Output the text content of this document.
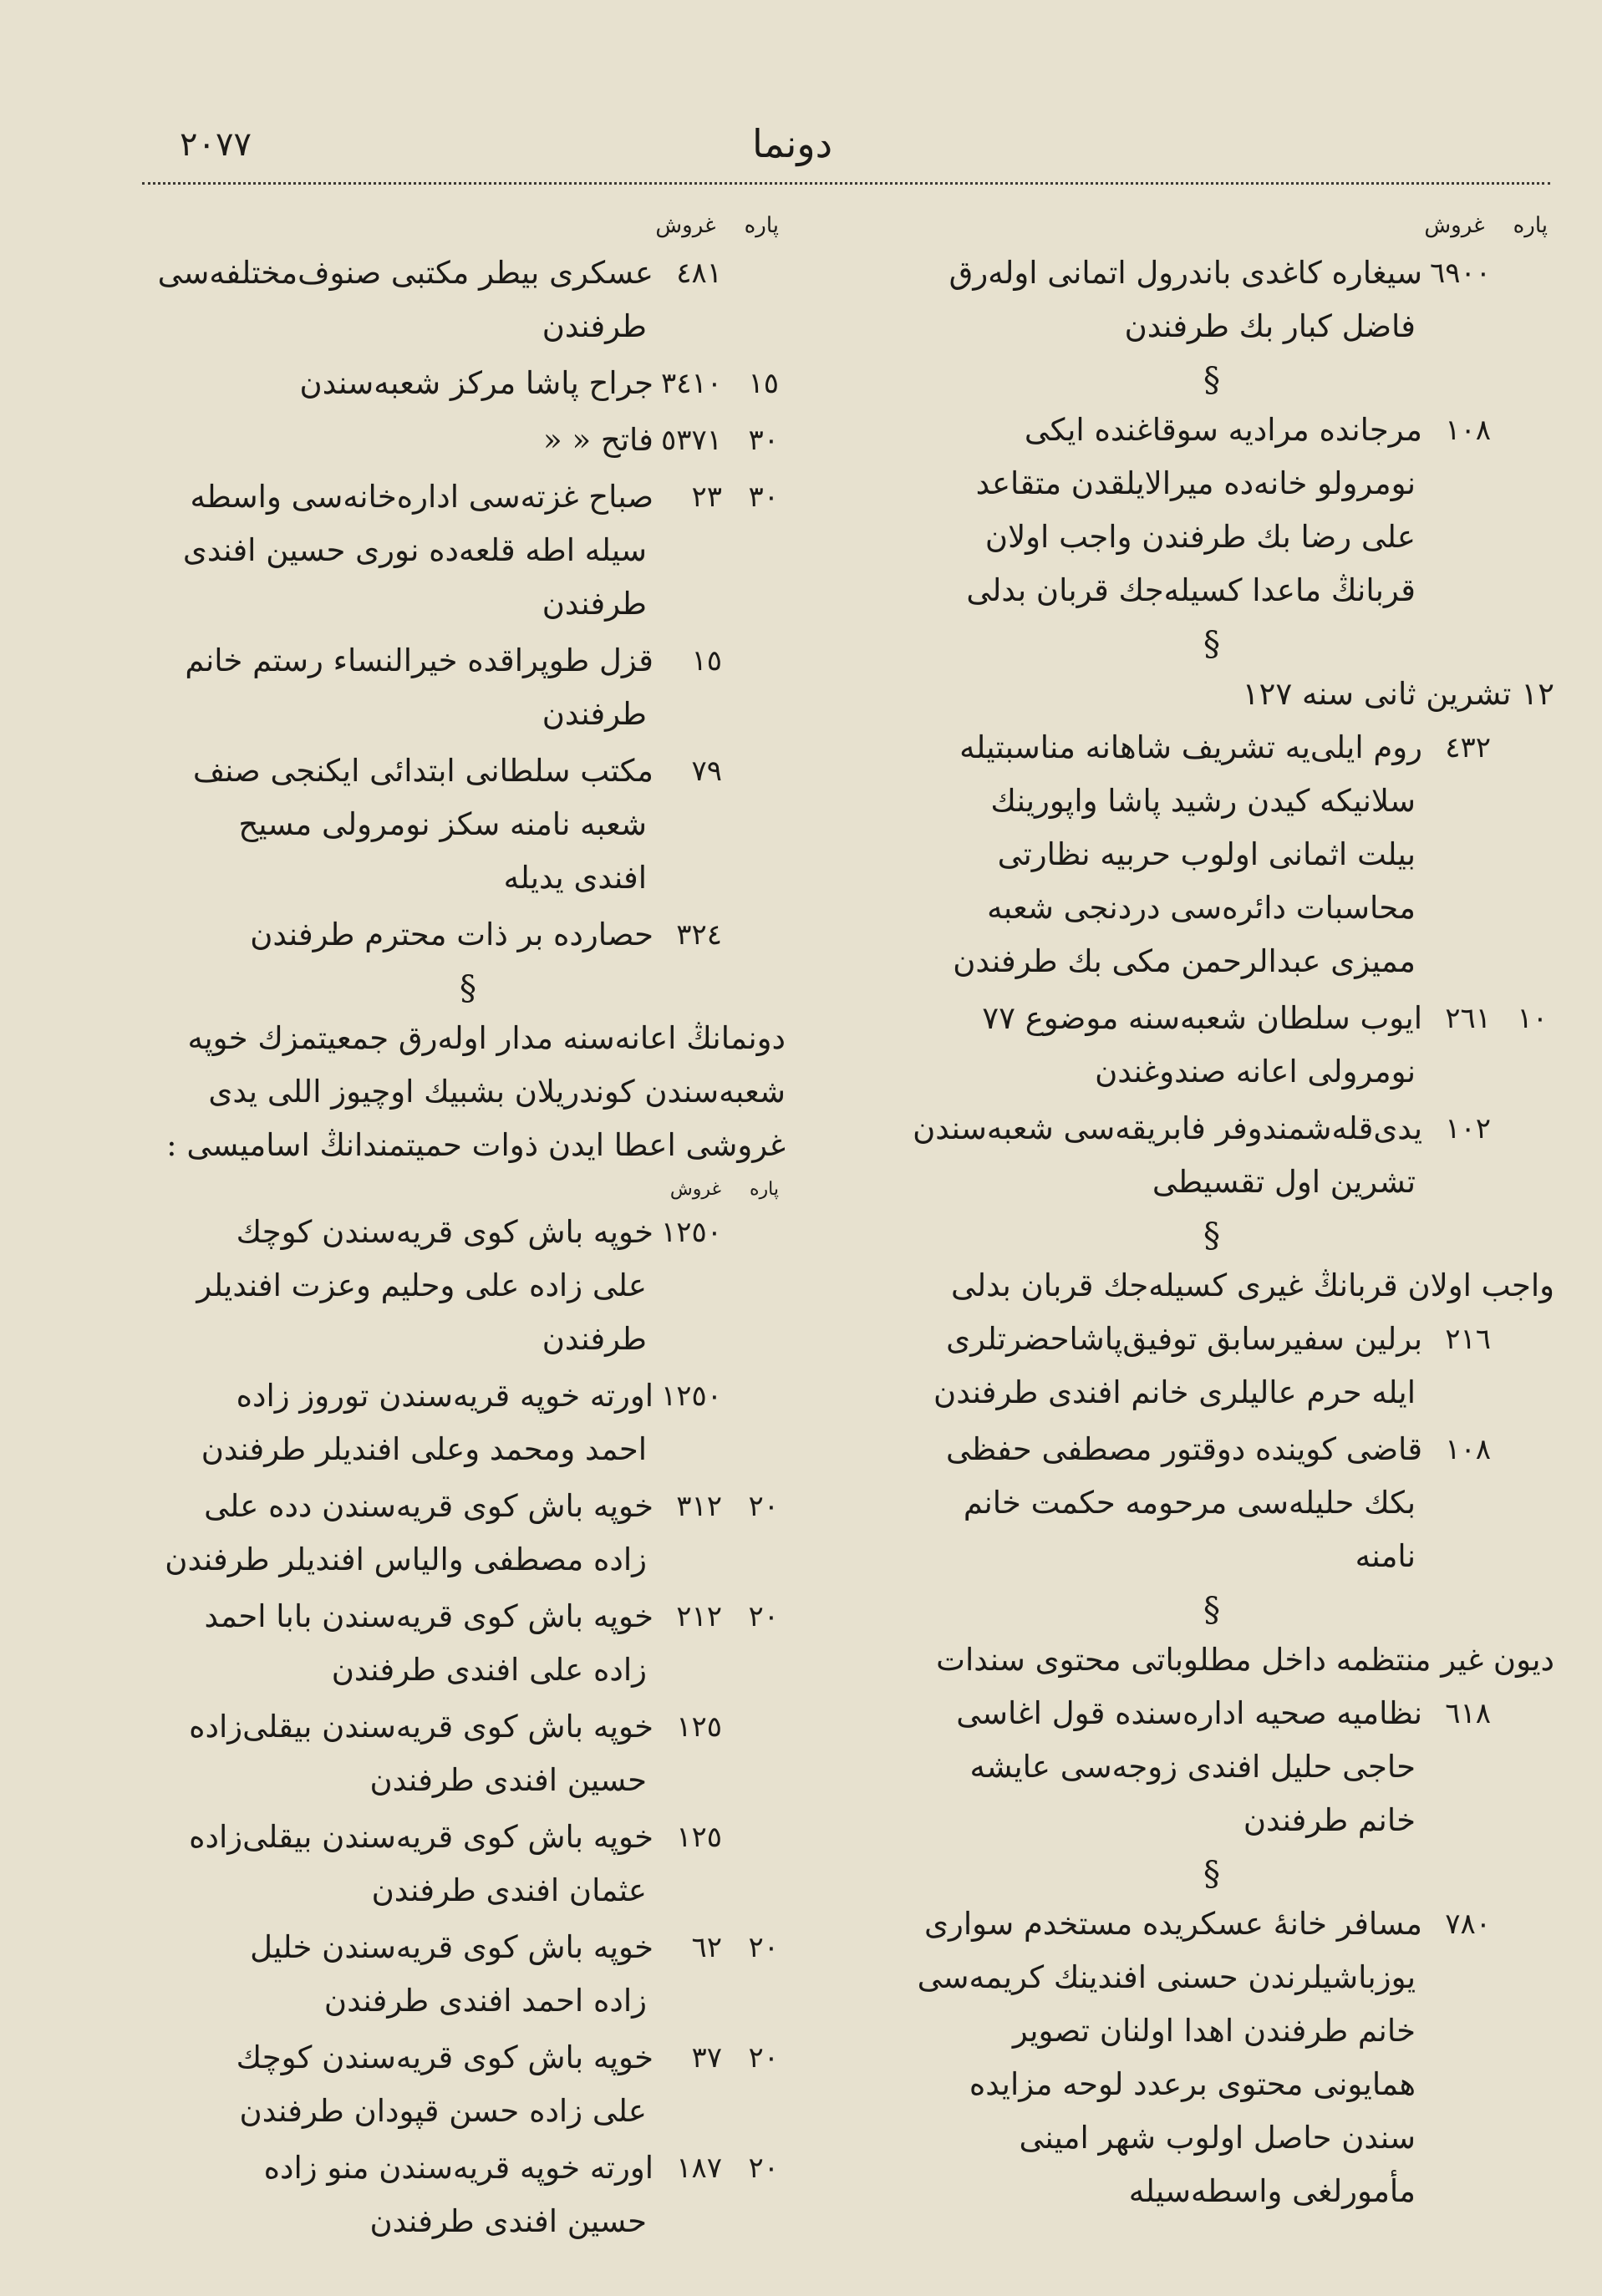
٢٠٧٧	دونما
پاره
غروش
٦٩٠٠
سیغاره کاغدی باندرول اتمانی اوله‌رق
فاضل کبار بك طرفندن
§
١٠٨
مرجانده مرادیه سوقاغنده ایکی
نومرولو خانه‌ده میرالایلقدن متقاعد
علی رضا بك طرفندن واجب اولان
قربانڭ ماعدا کسیله‌جك قربان بدلی
§
١٢ تشرین ثانی سنه ١٢٧
٤٣٢
روم ایلی‌یه تشریف شاهانه مناسبتیله
سلانیکه کیدن رشید پاشا واپورینك
بیلت اثمانی اولوب حربیه نظارتی
محاسبات دائره‌سی دردنجی شعبه
ممیزی عبدالرحمن مکی بك طرفندن
١٠
٢٦١
ایوب سلطان شعبه‌سنه موضوع ٧٧
نومرولی اعانه صندوغندن
١٠٢
یدی‌قله‌شمندوفر فابریقه‌سی شعبه‌سندن
تشرین اول تقسیطی
§
واجب اولان قربانڭ غیری کسیله‌جك قربان بدلی
٢١٦
برلین سفیرسابق توفیق‌پاشاحضرتلری
ایله حرم عالیلری خانم افندی طرفندن
١٠٨
قاضی کوینده دوقتور مصطفی حفظی
بکك حلیله‌سی مرحومه حکمت خانم
نامنه
§
دیون غیر منتظمه داخل مطلوباتی محتوی سندات
٦١٨
نظامیه صحیه اداره‌سنده قول اغاسی
حاجی حلیل افندی زوجه‌سی عایشه
خانم طرفندن
§
٧٨٠
مسافر خانهٔ عسکریده مستخدم سواری
یوزباشیلرندن حسنی افندینك کریمه‌سی
خانم طرفندن اهدا اولنان تصویر
همایونی محتوی برعدد لوحه مزایده‌
سندن حاصل اولوب شهر امینی
مأمورلغی واسطه‌سیله
پاره
غروش
٤٨١
عسکری بیطر مکتبی صنوف‌مختلفه‌سی
طرفندن
١٥
٣٤١٠
جراح پاشا مرکز شعبه‌سندن
٣٠
٥٣٧١
فاتح « «
٣٠
٢٣
صباح غزته‌سی اداره‌خانه‌سی واسطه‌
سیله اطه قلعه‌ده نوری حسین افندی
طرفندن
١٥
قزل طوپراقده خیرالنساء رستم خانم
طرفندن
٧٩
مکتب سلطانی ابتدائی ایکنجی صنف
شعبه نامنه سکز نومرولی مسیح
افندی یدیله
٣٢٤
حصارده بر ذات محترم طرفندن
§
دونمانڭ اعانه‌سنه مدار اوله‌رق جمعیتمزك خوپه
شعبه‌سندن کوندریلان بشبیك اوچیوز اللی یدی
غروشی اعطا ایدن ذوات حمیتمندانڭ اسامیسی :
پاره
غروش
١٢٥٠
خوپه باش کوی قریه‌سندن کوچك
علی زاده علی وحلیم وعزت افندیلر
طرفندن
١٢٥٠
اورته خوپه قریه‌سندن توروز زاده
احمد ومحمد وعلی افندیلر طرفندن
٢٠
٣١٢
خوپه باش کوی قریه‌سندن دده علی
زاده مصطفی والیاس افندیلر طرفندن
٢٠
٢١٢
خوپه باش کوی قریه‌سندن بابا احمد
زاده علی افندی طرفندن
١٢٥
خوپه باش کوی قریه‌سندن بیقلی‌زاده
حسین افندی طرفندن
١٢٥
خوپه باش کوی قریه‌سندن بیقلی‌زاده
عثمان افندی طرفندن
٢٠
٦٢
خوپه باش کوی قریه‌سندن خلیل
زاده احمد افندی طرفندن
٢٠
٣٧
خوپه باش کوی قریه‌سندن کوچك
علی زاده حسن قپودان طرفندن
٢٠
١٨٧
اورته خوپه قریه‌سندن منو زاده
حسین افندی طرفندن
